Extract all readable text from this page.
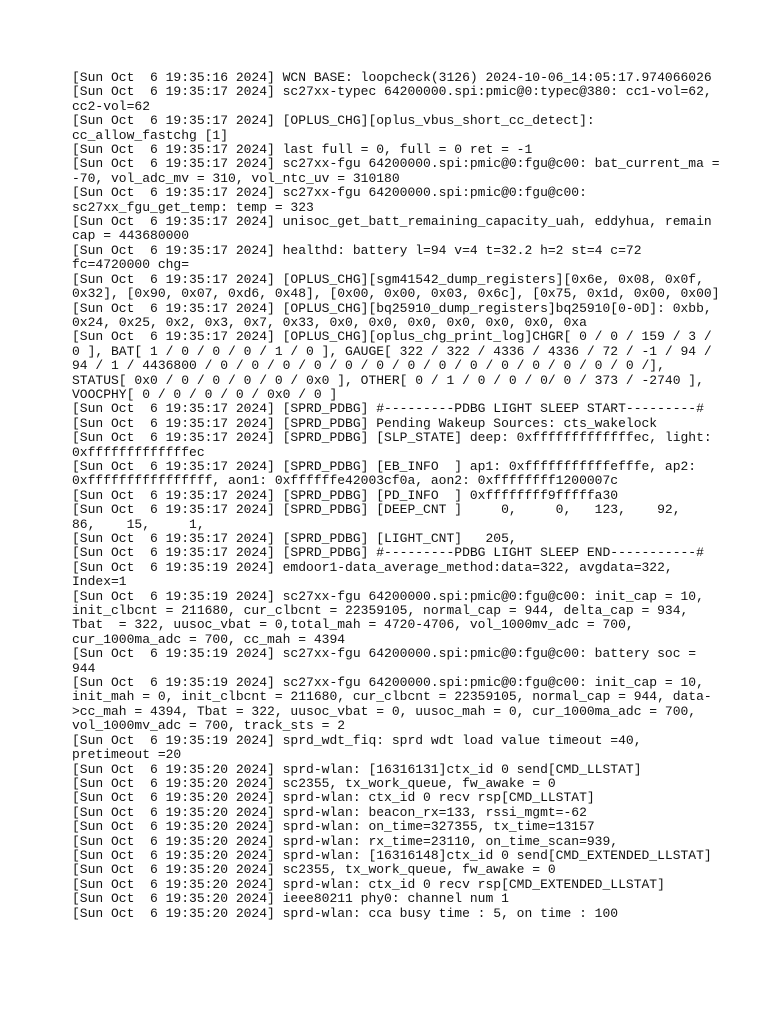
[Sun Oct  6 19:35:16 2024] WCN BASE: loopcheck(3126) 2024-10-06_14:05:17.974066026
[Sun Oct  6 19:35:17 2024] sc27xx-typec 64200000.spi:pmic@0:typec@380: cc1-vol=62,
cc2-vol=62
[Sun Oct  6 19:35:17 2024] [OPLUS_CHG][oplus_vbus_short_cc_detect]:
cc_allow_fastchg [1]
[Sun Oct  6 19:35:17 2024] last full = 0, full = 0 ret = -1
[Sun Oct  6 19:35:17 2024] sc27xx-fgu 64200000.spi:pmic@0:fgu@c00: bat_current_ma =
-70, vol_adc_mv = 310, vol_ntc_uv = 310180
[Sun Oct  6 19:35:17 2024] sc27xx-fgu 64200000.spi:pmic@0:fgu@c00:
sc27xx_fgu_get_temp: temp = 323
[Sun Oct  6 19:35:17 2024] unisoc_get_batt_remaining_capacity_uah, eddyhua, remain
cap = 443680000
[Sun Oct  6 19:35:17 2024] healthd: battery l=94 v=4 t=32.2 h=2 st=4 c=72
fc=4720000 chg=
[Sun Oct  6 19:35:17 2024] [OPLUS_CHG][sgm41542_dump_registers][0x6e, 0x08, 0x0f,
0x32], [0x90, 0x07, 0xd6, 0x48], [0x00, 0x00, 0x03, 0x6c], [0x75, 0x1d, 0x00, 0x00]
[Sun Oct  6 19:35:17 2024] [OPLUS_CHG][bq25910_dump_registers]bq25910[0-0D]: 0xbb,
0x24, 0x25, 0x2, 0x3, 0x7, 0x33, 0x0, 0x0, 0x0, 0x0, 0x0, 0x0, 0xa
[Sun Oct  6 19:35:17 2024] [OPLUS_CHG][oplus_chg_print_log]CHGR[ 0 / 0 / 159 / 3 /
0 ], BAT[ 1 / 0 / 0 / 0 / 1 / 0 ], GAUGE[ 322 / 322 / 4336 / 4336 / 72 / -1 / 94 /
94 / 1 / 4436800 / 0 / 0 / 0 / 0 / 0 / 0 / 0 / 0 / 0 / 0 / 0 / 0 / 0 / 0 /],
STATUS[ 0x0 / 0 / 0 / 0 / 0 / 0x0 ], OTHER[ 0 / 1 / 0 / 0 / 0/ 0 / 373 / -2740 ],
VOOCPHY[ 0 / 0 / 0 / 0 / 0x0 / 0 ]
[Sun Oct  6 19:35:17 2024] [SPRD_PDBG] #---------PDBG LIGHT SLEEP START---------#
[Sun Oct  6 19:35:17 2024] [SPRD_PDBG] Pending Wakeup Sources: cts_wakelock
[Sun Oct  6 19:35:17 2024] [SPRD_PDBG] [SLP_STATE] deep: 0xfffffffffffffec, light:
0xfffffffffffffec
[Sun Oct  6 19:35:17 2024] [SPRD_PDBG] [EB_INFO  ] ap1: 0xfffffffffffefffe, ap2:
0xffffffffffffffff, aon1: 0xffffffe42003cf0a, aon2: 0xffffffff1200007c
[Sun Oct  6 19:35:17 2024] [SPRD_PDBG] [PD_INFO  ] 0xffffffff9fffffa30
[Sun Oct  6 19:35:17 2024] [SPRD_PDBG] [DEEP_CNT ]     0,     0,   123,    92,
86,    15,     1,
[Sun Oct  6 19:35:17 2024] [SPRD_PDBG] [LIGHT_CNT]   205,
[Sun Oct  6 19:35:17 2024] [SPRD_PDBG] #---------PDBG LIGHT SLEEP END-----------#
[Sun Oct  6 19:35:19 2024] emdoor1-data_average_method:data=322, avgdata=322,
Index=1
[Sun Oct  6 19:35:19 2024] sc27xx-fgu 64200000.spi:pmic@0:fgu@c00: init_cap = 10,
init_clbcnt = 211680, cur_clbcnt = 22359105, normal_cap = 944, delta_cap = 934,
Tbat  = 322, uusoc_vbat = 0,total_mah = 4720-4706, vol_1000mv_adc = 700,
cur_1000ma_adc = 700, cc_mah = 4394
[Sun Oct  6 19:35:19 2024] sc27xx-fgu 64200000.spi:pmic@0:fgu@c00: battery soc =
944
[Sun Oct  6 19:35:19 2024] sc27xx-fgu 64200000.spi:pmic@0:fgu@c00: init_cap = 10,
init_mah = 0, init_clbcnt = 211680, cur_clbcnt = 22359105, normal_cap = 944, data-
>cc_mah = 4394, Tbat = 322, uusoc_vbat = 0, uusoc_mah = 0, cur_1000ma_adc = 700,
vol_1000mv_adc = 700, track_sts = 2
[Sun Oct  6 19:35:19 2024] sprd_wdt_fiq: sprd wdt load value timeout =40,
pretimeout =20
[Sun Oct  6 19:35:20 2024] sprd-wlan: [16316131]ctx_id 0 send[CMD_LLSTAT]
[Sun Oct  6 19:35:20 2024] sc2355, tx_work_queue, fw_awake = 0
[Sun Oct  6 19:35:20 2024] sprd-wlan: ctx_id 0 recv rsp[CMD_LLSTAT]
[Sun Oct  6 19:35:20 2024] sprd-wlan: beacon_rx=133, rssi_mgmt=-62
[Sun Oct  6 19:35:20 2024] sprd-wlan: on_time=327355, tx_time=13157
[Sun Oct  6 19:35:20 2024] sprd-wlan: rx_time=23110, on_time_scan=939,
[Sun Oct  6 19:35:20 2024] sprd-wlan: [16316148]ctx_id 0 send[CMD_EXTENDED_LLSTAT]
[Sun Oct  6 19:35:20 2024] sc2355, tx_work_queue, fw_awake = 0
[Sun Oct  6 19:35:20 2024] sprd-wlan: ctx_id 0 recv rsp[CMD_EXTENDED_LLSTAT]
[Sun Oct  6 19:35:20 2024] ieee80211 phy0: channel num 1
[Sun Oct  6 19:35:20 2024] sprd-wlan: cca busy time : 5, on time : 100
